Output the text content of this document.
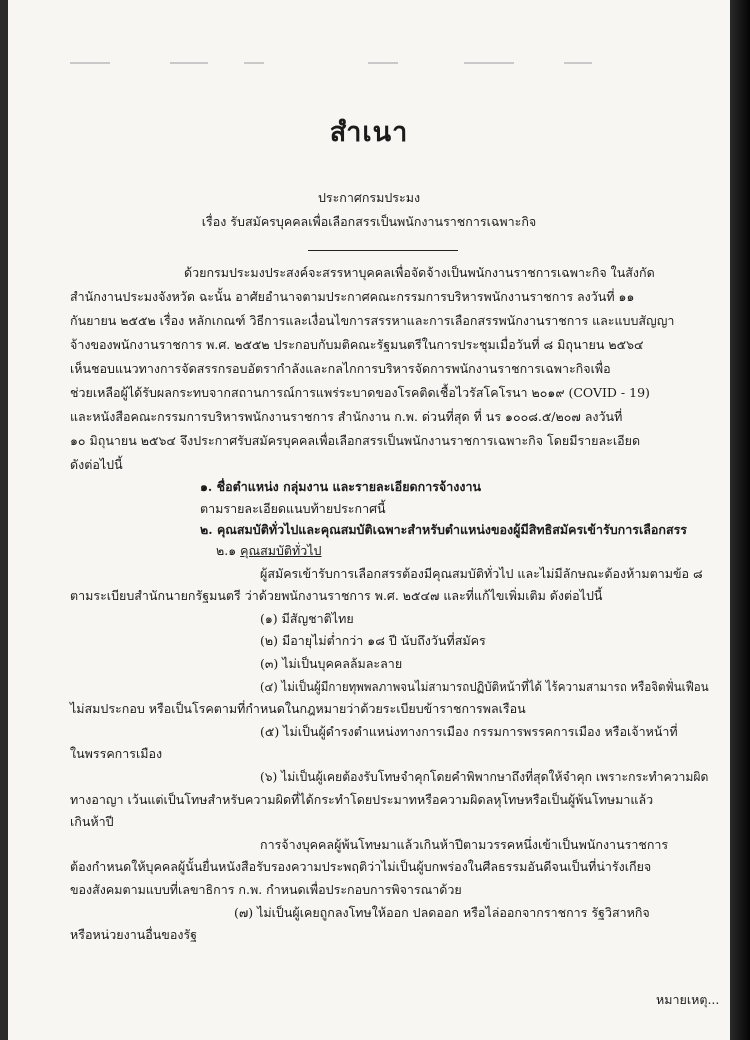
สำเนา
ประกาศกรมประมง
เรื่อง รับสมัครบุคคลเพื่อเลือกสรรเป็นพนักงานราชการเฉพาะกิจ
ด้วยกรมประมงประสงค์จะสรรหาบุคคลเพื่อจัดจ้างเป็นพนักงานราชการเฉพาะกิจ ในสังกัด
สำนักงานประมงจังหวัด ฉะนั้น อาศัยอำนาจตามประกาศคณะกรรมการบริหารพนักงานราชการ ลงวันที่ ๑๑
กันยายน ๒๕๕๒ เรื่อง หลักเกณฑ์ วิธีการและเงื่อนไขการสรรหาและการเลือกสรรพนักงานราชการ และแบบสัญญา
จ้างของพนักงานราชการ พ.ศ. ๒๕๕๒ ประกอบกับมติคณะรัฐมนตรีในการประชุมเมื่อวันที่ ๘ มิถุนายน ๒๕๖๔
เห็นชอบแนวทางการจัดสรรกรอบอัตรากำลังและกลไกการบริหารจัดการพนักงานราชการเฉพาะกิจเพื่อ
ช่วยเหลือผู้ได้รับผลกระทบจากสถานการณ์การแพร่ระบาดของโรคติดเชื้อไวรัสโคโรนา ๒๐๑๙ (COVID - 19)
และหนังสือคณะกรรมการบริหารพนักงานราชการ สำนักงาน ก.พ. ด่วนที่สุด ที่ นร ๑๐๐๘.๕/๒๐๗ ลงวันที่
๑๐ มิถุนายน ๒๕๖๔ จึงประกาศรับสมัครบุคคลเพื่อเลือกสรรเป็นพนักงานราชการเฉพาะกิจ โดยมีรายละเอียด
ดังต่อไปนี้
๑. ชื่อตำแหน่ง กลุ่มงาน และรายละเอียดการจ้างงาน
ตามรายละเอียดแนบท้ายประกาศนี้
๒. คุณสมบัติทั่วไปและคุณสมบัติเฉพาะสำหรับตำแหน่งของผู้มีสิทธิสมัครเข้ารับการเลือกสรร
๒.๑ คุณสมบัติทั่วไป
ผู้สมัครเข้ารับการเลือกสรรต้องมีคุณสมบัติทั่วไป และไม่มีลักษณะต้องห้ามตามข้อ ๘
ตามระเบียบสำนักนายกรัฐมนตรี ว่าด้วยพนักงานราชการ พ.ศ. ๒๕๔๗ และที่แก้ไขเพิ่มเติม ดังต่อไปนี้
(๑) มีสัญชาติไทย
(๒) มีอายุไม่ต่ำกว่า ๑๘ ปี นับถึงวันที่สมัคร
(๓) ไม่เป็นบุคคลล้มละลาย
(๔) ไม่เป็นผู้มีกายทุพพลภาพจนไม่สามารถปฏิบัติหน้าที่ได้ ไร้ความสามารถ หรือจิตฟั่นเฟือน
ไม่สมประกอบ หรือเป็นโรคตามที่กำหนดในกฎหมายว่าด้วยระเบียบข้าราชการพลเรือน
(๕) ไม่เป็นผู้ดำรงตำแหน่งทางการเมือง กรรมการพรรคการเมือง หรือเจ้าหน้าที่
ในพรรคการเมือง
(๖) ไม่เป็นผู้เคยต้องรับโทษจำคุกโดยคำพิพากษาถึงที่สุดให้จำคุก เพราะกระทำความผิด
ทางอาญา เว้นแต่เป็นโทษสำหรับความผิดที่ได้กระทำโดยประมาทหรือความผิดลหุโทษหรือเป็นผู้พ้นโทษมาแล้ว
เกินห้าปี
การจ้างบุคคลผู้พ้นโทษมาแล้วเกินห้าปีตามวรรคหนึ่งเข้าเป็นพนักงานราชการ
ต้องกำหนดให้บุคคลผู้นั้นยื่นหนังสือรับรองความประพฤติว่าไม่เป็นผู้บกพร่องในศีลธรรมอันดีจนเป็นที่น่ารังเกียจ
ของสังคมตามแบบที่เลขาธิการ ก.พ. กำหนดเพื่อประกอบการพิจารณาด้วย
(๗) ไม่เป็นผู้เคยถูกลงโทษให้ออก ปลดออก หรือไล่ออกจากราชการ รัฐวิสาหกิจ
หรือหน่วยงานอื่นของรัฐ
หมายเหตุ...
